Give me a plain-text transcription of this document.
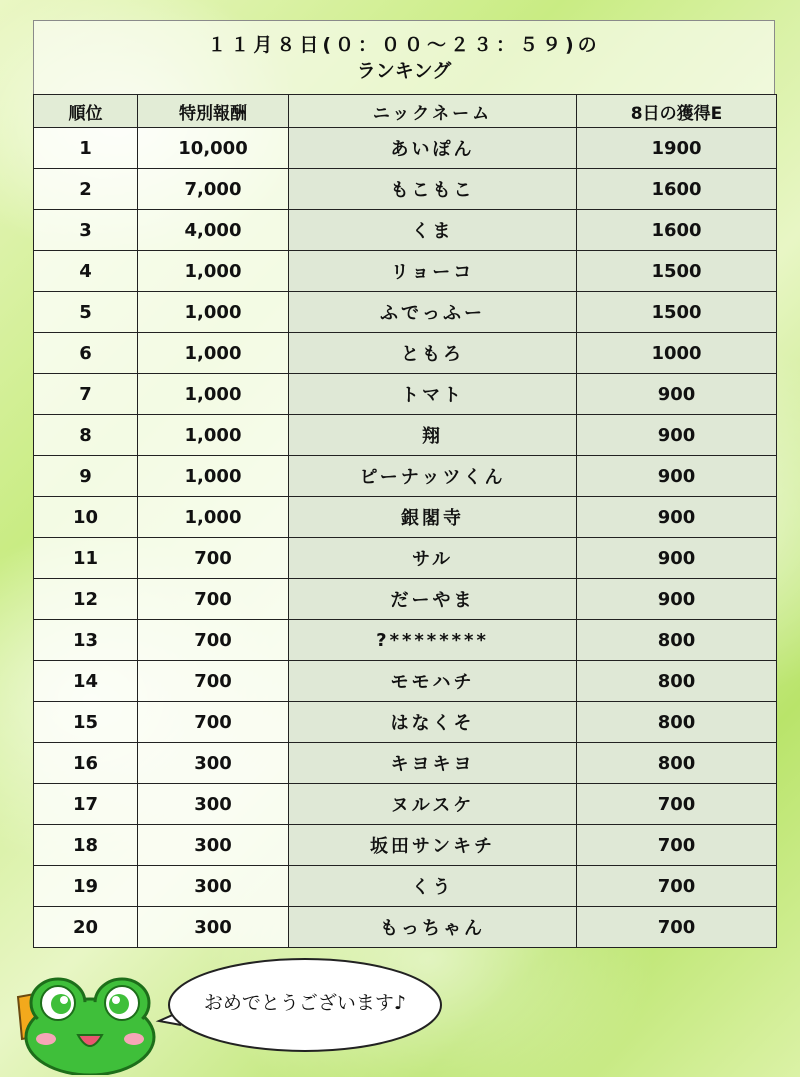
１１月８日(０：００〜２３：５９)の
ランキング
順位	特別報酬	ニックネーム	8日の獲得E
1	10,000	あいぽん	1900
2	7,000	もこもこ	1600
3	4,000	くま	1600
4	1,000	リョーコ	1500
5	1,000	ふでっふー	1500
6	1,000	ともろ	1000
7	1,000	トマト	900
8	1,000	翔	900
9	1,000	ピーナッツくん	900
10	1,000	銀閣寺	900
11	700	サル	900
12	700	だーやま	900
13	700	?********	800
14	700	モモハチ	800
15	700	はなくそ	800
16	300	キヨキヨ	800
17	300	ヌルスケ	700
18	300	坂田サンキチ	700
19	300	くう	700
20	300	もっちゃん	700
おめでとうございます♪
